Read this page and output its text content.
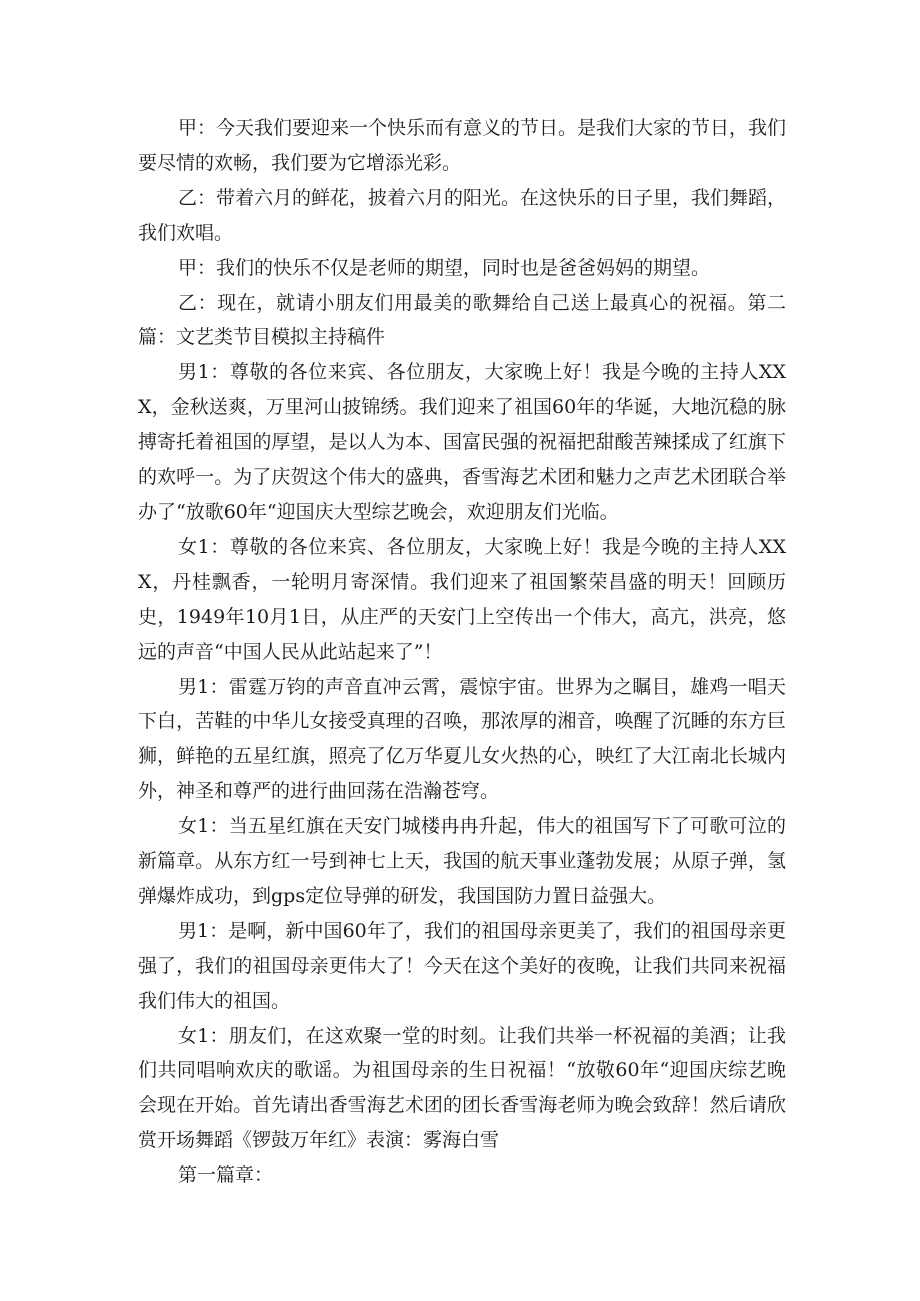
甲：今天我们要迎来一个快乐而有意义的节日。是我们大家的节日，我们要尽情的欢畅，我们要为它增添光彩。

乙：带着六月的鲜花，披着六月的阳光。在这快乐的日子里，我们舞蹈，我们欢唱。

甲：我们的快乐不仅是老师的期望，同时也是爸爸妈妈的期望。

乙：现在，就请小朋友们用最美的歌舞给自己送上最真心的祝福。第二篇：文艺类节目模拟主持稿件

男1：尊敬的各位来宾、各位朋友，大家晚上好！我是今晚的主持人XXX，金秋送爽，万里河山披锦绣。我们迎来了祖国60年的华诞，大地沉稳的脉搏寄托着祖国的厚望，是以人为本、国富民强的祝福把甜酸苦辣揉成了红旗下的欢呼一。为了庆贺这个伟大的盛典，香雪海艺术团和魅力之声艺术团联合举办了“放歌60年“迎国庆大型综艺晚会，欢迎朋友们光临。

女1：尊敬的各位来宾、各位朋友，大家晚上好！我是今晚的主持人XXX，丹桂飘香，一轮明月寄深情。我们迎来了祖国繁荣昌盛的明天！回顾历史，1949年10月1日，从庄严的天安门上空传出一个伟大，高亢，洪亮，悠远的声音“中国人民从此站起来了”！

男1：雷霆万钧的声音直冲云霄，震惊宇宙。世界为之瞩目，雄鸡一唱天下白，苦鞋的中华儿女接受真理的召唤，那浓厚的湘音，唤醒了沉睡的东方巨狮，鲜艳的五星红旗，照亮了亿万华夏儿女火热的心，映红了大江南北长城内外，神圣和尊严的进行曲回荡在浩瀚苍穹。

女1：当五星红旗在天安门城楼冉冉升起，伟大的祖国写下了可歌可泣的新篇章。从东方红一号到神七上天，我国的航天事业蓬勃发展；从原子弹，氢弹爆炸成功，到gps定位导弹的研发，我国国防力置日益强大。

男1：是啊，新中国60年了，我们的祖国母亲更美了，我们的祖国母亲更强了，我们的祖国母亲更伟大了！今天在这个美好的夜晚，让我们共同来祝福我们伟大的祖国。

女1：朋友们，在这欢聚一堂的时刻。让我们共举一杯祝福的美酒；让我们共同唱响欢庆的歌谣。为祖国母亲的生日祝福！“放敬60年“迎国庆综艺晚会现在开始。首先请出香雪海艺术团的团长香雪海老师为晚会致辞！然后请欣赏开场舞蹈《锣鼓万年红》表演：雾海白雪

第一篇章：
